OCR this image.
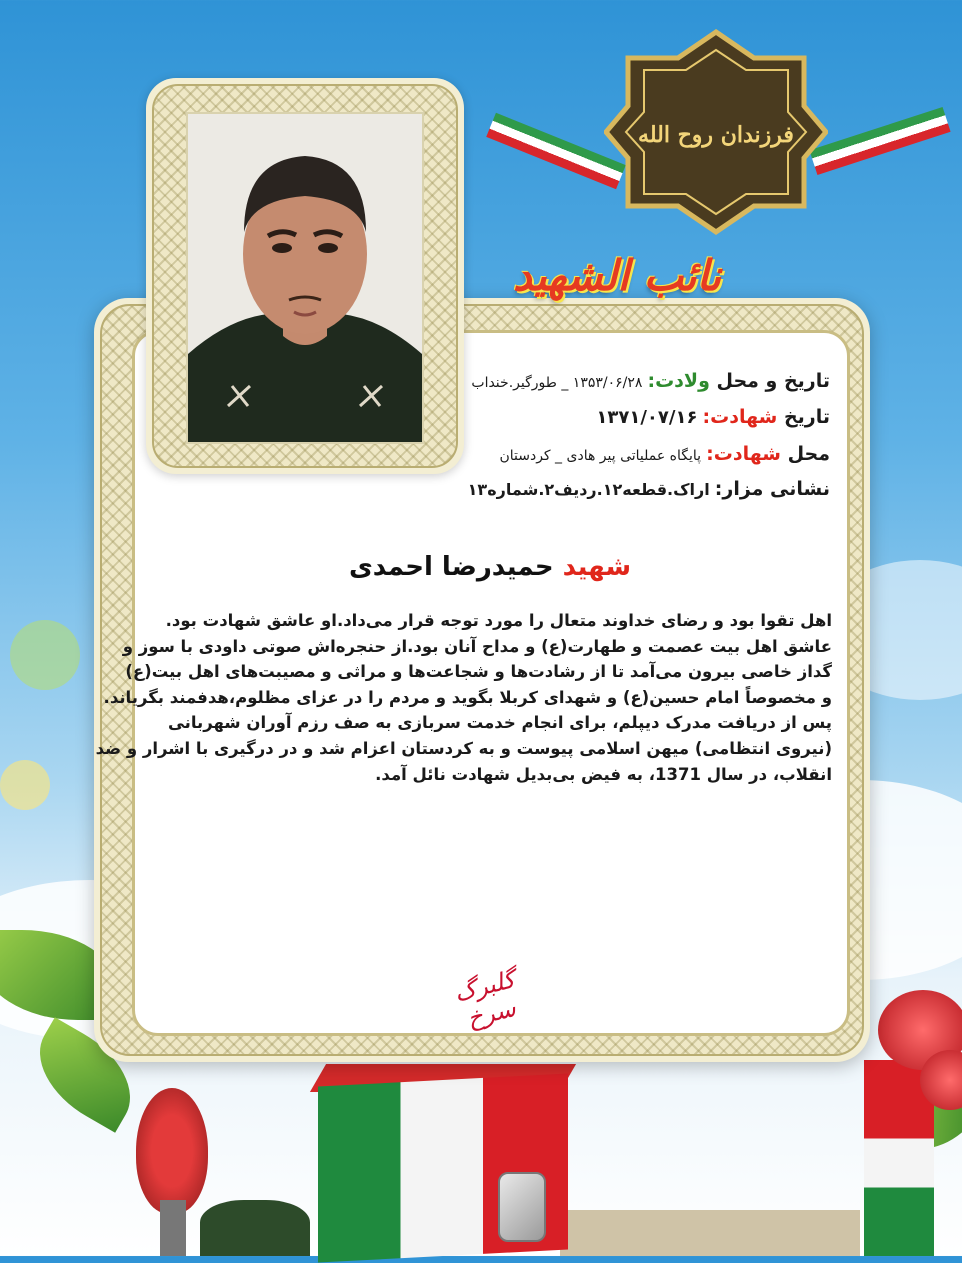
فرزندان روح الله
نائب الشهید
تاریخ و محل ولادت: ۱۳۵۳/۰۶/۲۸ _ طورگیر.خنداب
تاریخ شهادت: ۱۳۷۱/۰۷/۱۶
محل شهادت: پایگاه عملیاتی پیر هادی _ کردستان
نشانی مزار: اراک.قطعه۱۲.ردیف۲.شماره۱۳
شهید حمیدرضا احمدی

اهل تقوا بود و رضای خداوند متعال را مورد توجه قرار می‌داد.او عاشق شهادت بود.

عاشق اهل بیت عصمت و طهارت(ع) و مداح آنان بود.از حنجره‌اش صوتی داودی با سوز و

گداز خاصی بیرون می‌آمد تا از رشادت‌ها و شجاعت‌ها و مراثی و مصیبت‌های اهل بیت(ع)

و مخصوصاً امام حسین(ع) و شهدای کربلا بگوید و مردم را در عزای مظلوم،هدفمند بگریاند.

پس از دریافت مدرک دیپلم، برای انجام خدمت سربازی به صف رزم آوران شهربانی

(نیروی انتظامی) میهن اسلامی پیوست و به کردستان اعزام شد و در درگیری با اشرار و ضد

انقلاب، در سال 1371، به فیض بی‌بدیل شهادت نائل آمد.

گلبرگ سرخ
